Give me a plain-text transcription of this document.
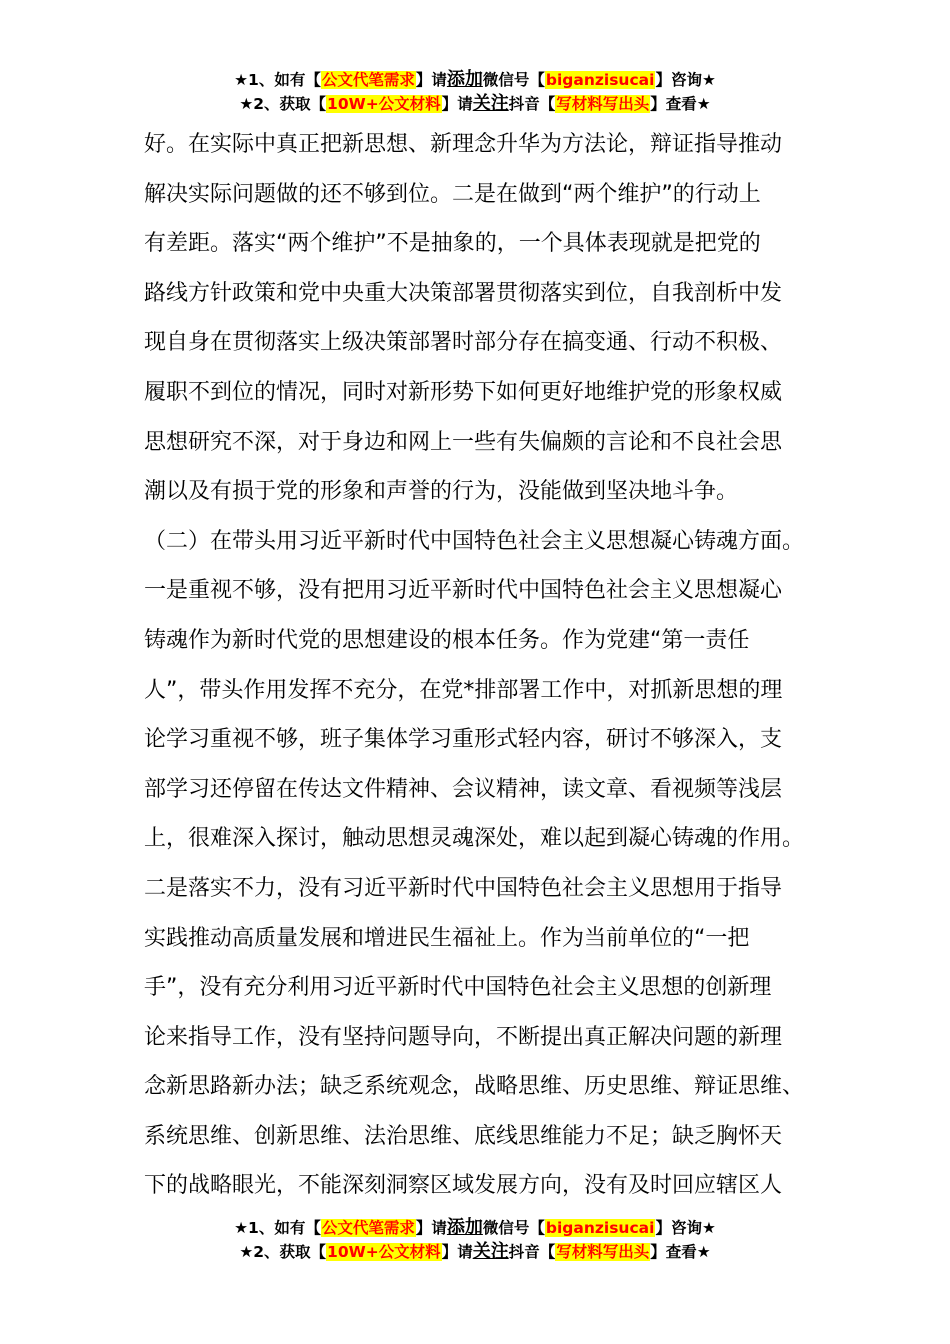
★1、如有【公文代笔需求】请添加微信号【biganzisucai】咨询★
★2、获取【10W+公文材料】请关注抖音【写材料写出头】查看★
好。在实际中真正把新思想、新理念升华为方法论，辩证指导推动
解决实际问题做的还不够到位。二是在做到“两个维护”的行动上
有差距。落实“两个维护”不是抽象的，一个具体表现就是把党的
路线方针政策和党中央重大决策部署贯彻落实到位，自我剖析中发
现自身在贯彻落实上级决策部署时部分存在搞变通、行动不积极、
履职不到位的情况，同时对新形势下如何更好地维护党的形象权威
思想研究不深，对于身边和网上一些有失偏颇的言论和不良社会思
潮以及有损于党的形象和声誉的行为，没能做到坚决地斗争。
（二）在带头用习近平新时代中国特色社会主义思想凝心铸魂方面。
一是重视不够，没有把用习近平新时代中国特色社会主义思想凝心
铸魂作为新时代党的思想建设的根本任务。作为党建“第一责任
人”，带头作用发挥不充分，在党*排部署工作中，对抓新思想的理
论学习重视不够，班子集体学习重形式轻内容，研讨不够深入，支
部学习还停留在传达文件精神、会议精神，读文章、看视频等浅层
上，很难深入探讨，触动思想灵魂深处，难以起到凝心铸魂的作用。
二是落实不力，没有习近平新时代中国特色社会主义思想用于指导
实践推动高质量发展和增进民生福祉上。作为当前单位的“一把
手”，没有充分利用习近平新时代中国特色社会主义思想的创新理
论来指导工作，没有坚持问题导向，不断提出真正解决问题的新理
念新思路新办法；缺乏系统观念，战略思维、历史思维、辩证思维、
系统思维、创新思维、法治思维、底线思维能力不足；缺乏胸怀天
下的战略眼光，不能深刻洞察区域发展方向，没有及时回应辖区人
★1、如有【公文代笔需求】请添加微信号【biganzisucai】咨询★
★2、获取【10W+公文材料】请关注抖音【写材料写出头】查看★
